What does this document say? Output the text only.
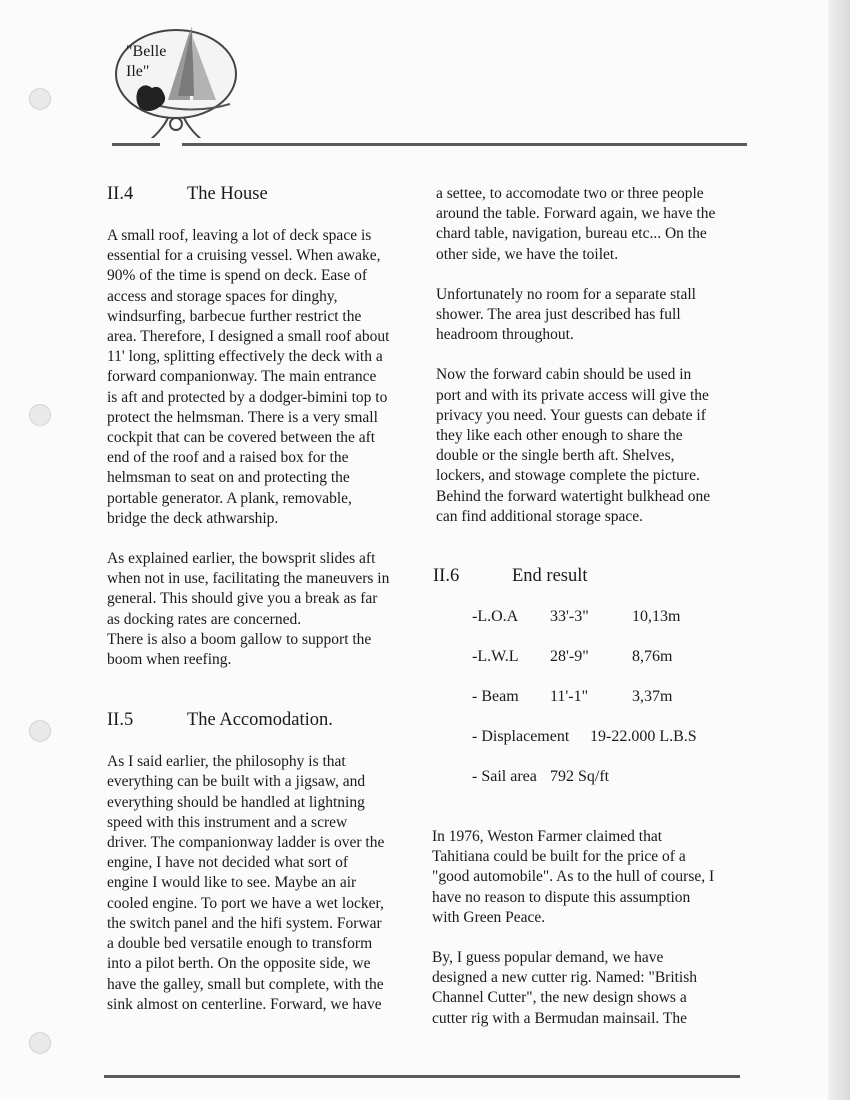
"Belle
Ile"
II.4	The House

A small roof, leaving a lot of deck space is
essential for a cruising vessel. When awake,
90% of the time is spend on deck. Ease of
access and storage spaces for dinghy,
windsurfing, barbecue further restrict the
area. Therefore, I designed a small roof about
11' long, splitting effectively the deck with a
forward companionway. The main entrance
is aft and protected by a dodger-bimini top to
protect the helmsman. There is a very small
cockpit that can be covered between the aft
end of the roof and a raised box for the
helmsman to seat on and protecting the
portable generator. A plank, removable,
bridge the deck athwarship.

As explained earlier, the bowsprit slides aft
when not in use, facilitating the maneuvers in
general. This should give you a break as far
as docking rates are concerned.
There is also a boom gallow to support the
boom when reefing.

II.5	The Accomodation.

As I said earlier, the philosophy is that
everything can be built with a jigsaw, and
everything should be handled at lightning
speed with this instrument and a screw
driver. The companionway ladder is over the
engine, I have not decided what sort of
engine I would like to see. Maybe an air
cooled engine. To port we have a wet locker,
the switch panel and the hifi system. Forwar
a double bed versatile enough to transform
into a pilot berth. On the opposite side, we
have the galley, small but complete, with the
sink almost on centerline. Forward, we have

a settee, to accomodate two or three people
around the table. Forward again, we have the
chard table, navigation, bureau etc... On the
other side, we have the toilet.

Unfortunately no room for a separate stall
shower. The area just described has full
headroom throughout.

Now the forward cabin should be used in
port and with its private access will give the
privacy you need. Your guests can debate if
they like each other enough to share the
double or the single berth aft. Shelves,
lockers, and stowage complete the picture.
Behind the forward watertight bulkhead one
can find additional storage space.

II.6	End result
-L.O.A 33'-3"	10,13m
-L.W.L 28'-9"	8,76m
- Beam 11'-1"	3,37m
- Displacement 19-22.000 L.B.S
- Sail area 792 Sq/ft

In 1976, Weston Farmer claimed that
Tahitiana could be built for the price of a
"good automobile". As to the hull of course, I
have no reason to dispute this assumption
with Green Peace.

By, I guess popular demand, we have
designed a new cutter rig. Named: "British
Channel Cutter", the new design shows a
cutter rig with a Bermudan mainsail. The
